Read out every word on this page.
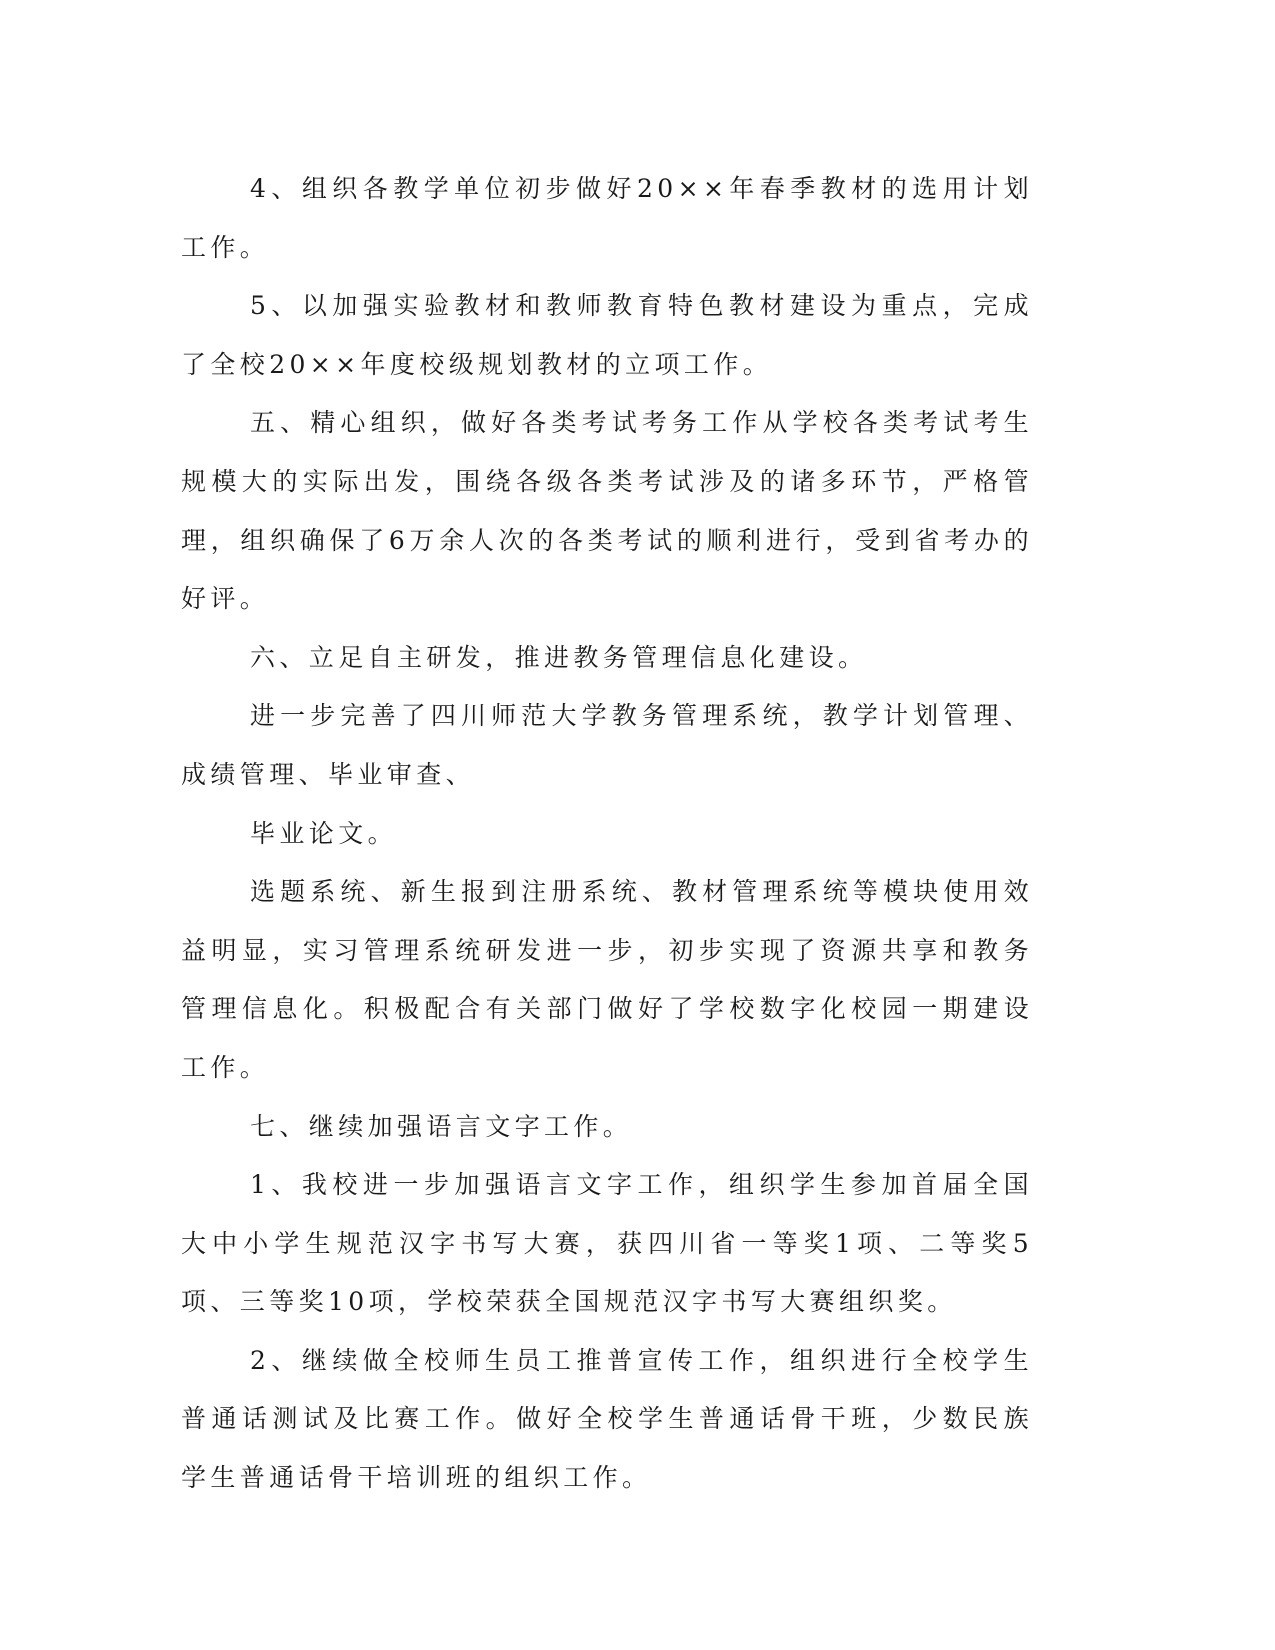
4、组织各教学单位初步做好20××年春季教材的选用计划工作。

5、以加强实验教材和教师教育特色教材建设为重点，完成了全校20××年度校级规划教材的立项工作。

五、精心组织，做好各类考试考务工作从学校各类考试考生规模大的实际出发，围绕各级各类考试涉及的诸多环节，严格管理，组织确保了6万余人次的各类考试的顺利进行，受到省考办的好评。

六、立足自主研发，推进教务管理信息化建设。

进一步完善了四川师范大学教务管理系统，教学计划管理、成绩管理、毕业审查、

毕业论文。

选题系统、新生报到注册系统、教材管理系统等模块使用效益明显，实习管理系统研发进一步，初步实现了资源共享和教务管理信息化。积极配合有关部门做好了学校数字化校园一期建设工作。

七、继续加强语言文字工作。

1、我校进一步加强语言文字工作，组织学生参加首届全国大中小学生规范汉字书写大赛，获四川省一等奖1项、二等奖5项、三等奖10项，学校荣获全国规范汉字书写大赛组织奖。

2、继续做全校师生员工推普宣传工作，组织进行全校学生普通话测试及比赛工作。做好全校学生普通话骨干班，少数民族学生普通话骨干培训班的组织工作。
